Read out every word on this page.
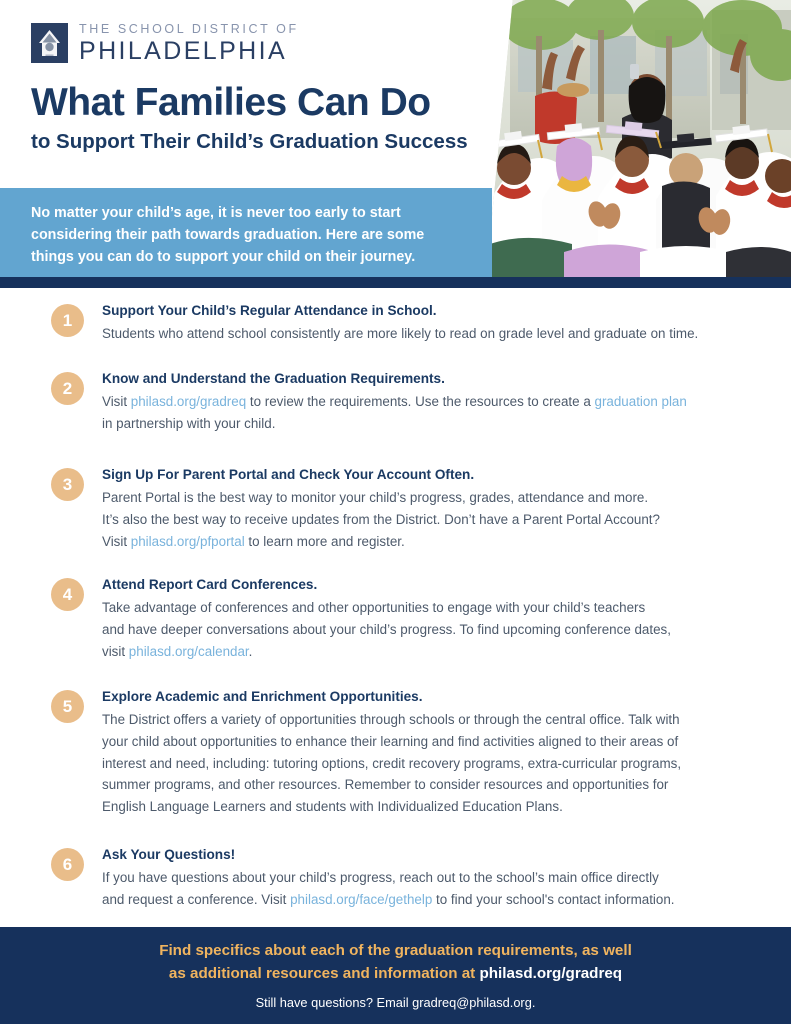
THE SCHOOL DISTRICT OF
PHILADELPHIA
What Families Can Do
to Support Their Child’s Graduation Success

No matter your child’s age, it is never too early to start considering their path towards graduation. Here are some things you can do to support your child on their journey.

1
Support Your Child’s Regular Attendance in School.
Students who attend school consistently are more likely to read on grade level and graduate on time.
2
Know and Understand the Graduation Requirements.
Visit philasd.org/gradreq to review the requirements. Use the resources to create a graduation plan
in partnership with your child.
3
Sign Up For Parent Portal and Check Your Account Often.
Parent Portal is the best way to monitor your child’s progress, grades, attendance and more.
It’s also the best way to receive updates from the District. Don’t have a Parent Portal Account?
Visit philasd.org/pfportal to learn more and register.
4
Attend Report Card Conferences.
Take advantage of conferences and other opportunities to engage with your child’s teachers
and have deeper conversations about your child’s progress. To find upcoming conference dates,
visit philasd.org/calendar.
5
Explore Academic and Enrichment Opportunities.
The District offers a variety of opportunities through schools or through the central office. Talk with
your child about opportunities to enhance their learning and find activities aligned to their areas of
interest and need, including: tutoring options, credit recovery programs, extra-curricular programs,
summer programs, and other resources. Remember to consider resources and opportunities for
English Language Learners and students with Individualized Education Plans.
6
Ask Your Questions!
If you have questions about your child’s progress, reach out to the school’s main office directly
and request a conference. Visit philasd.org/face/gethelp to find your school's contact information.
Find specifics about each of the graduation requirements, as well
as additional resources and information at philasd.org/gradreq
Still have questions? Email gradreq@philasd.org.
